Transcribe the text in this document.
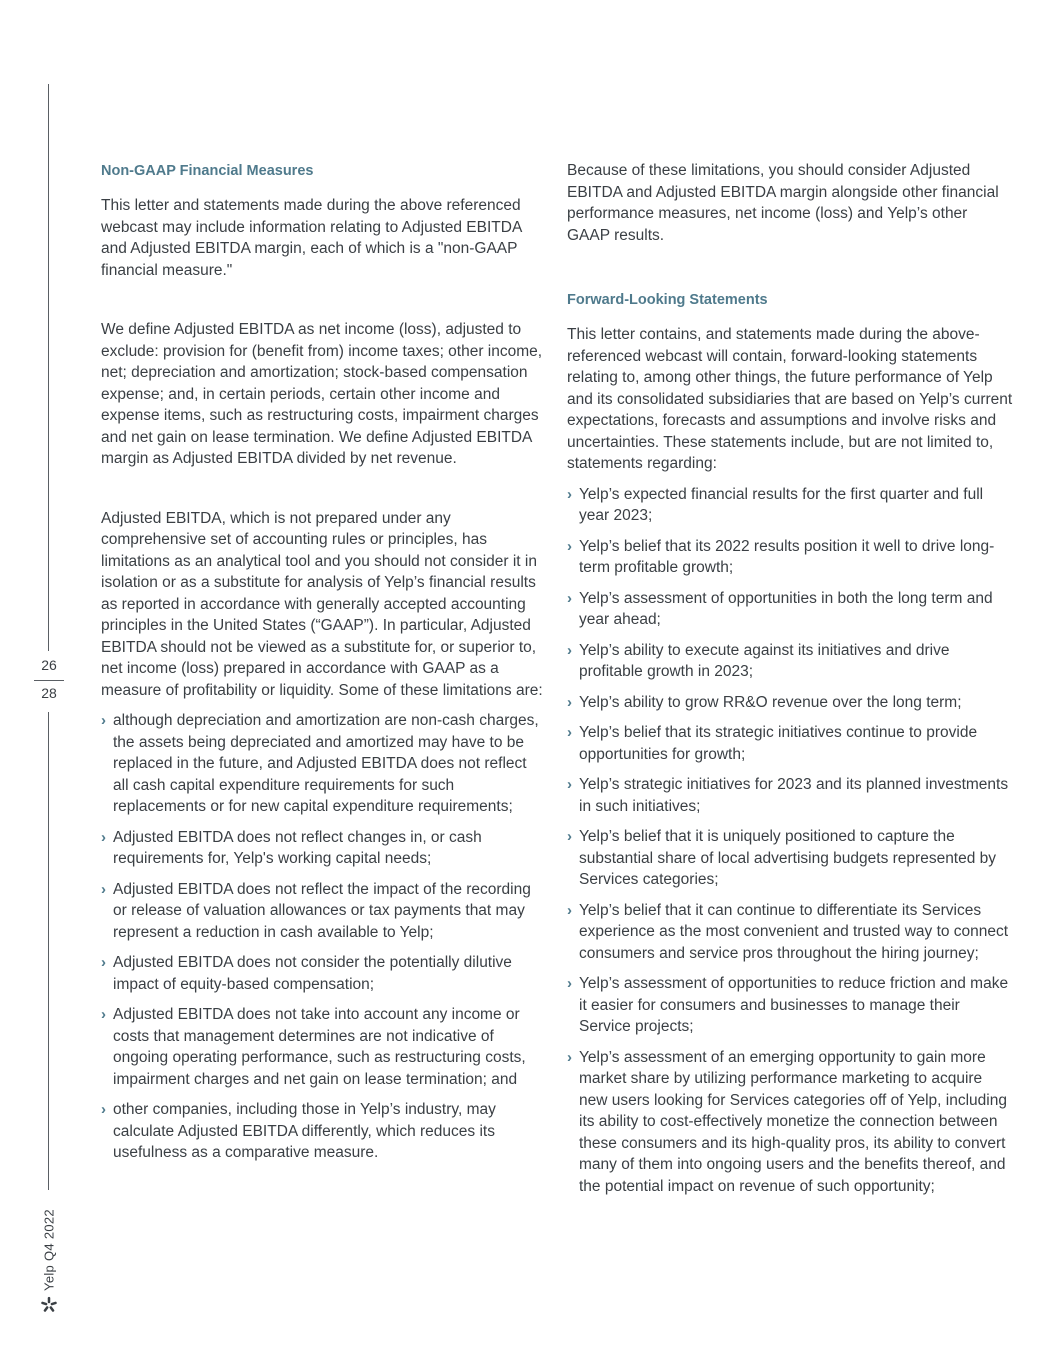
26
28
Yelp Q4 2022
Non-GAAP Financial Measures

This letter and statements made during the above referenced webcast may include information relating to Adjusted EBITDA and Adjusted EBITDA margin, each of which is a "non-GAAP financial measure."

We define Adjusted EBITDA as net income (loss), adjusted to exclude: provision for (benefit from) income taxes; other income, net; depreciation and amortization; stock-based compensation expense; and, in certain periods, certain other income and expense items, such as restructuring costs, impairment charges and net gain on lease termination. We define Adjusted EBITDA margin as Adjusted EBITDA divided by net revenue.

Adjusted EBITDA, which is not prepared under any comprehensive set of accounting rules or principles, has limitations as an analytical tool and you should not consider it in isolation or as a substitute for analysis of Yelp’s financial results as reported in accordance with generally accepted accounting principles in the United States (“GAAP”). In particular, Adjusted EBITDA should not be viewed as a substitute for, or superior to, net income (loss) prepared in accordance with GAAP as a measure of profitability or liquidity. Some of these limitations are:

› although depreciation and amortization are non-cash charges, the assets being depreciated and amortized may have to be replaced in the future, and Adjusted EBITDA does not reflect all cash capital expenditure requirements for such replacements or for new capital expenditure requirements;
› Adjusted EBITDA does not reflect changes in, or cash requirements for, Yelp's working capital needs;
› Adjusted EBITDA does not reflect the impact of the recording or release of valuation allowances or tax payments that may represent a reduction in cash available to Yelp;
› Adjusted EBITDA does not consider the potentially dilutive impact of equity-based compensation;
› Adjusted EBITDA does not take into account any income or costs that management determines are not indicative of ongoing operating performance, such as restructuring costs, impairment charges and net gain on lease termination; and
› other companies, including those in Yelp’s industry, may calculate Adjusted EBITDA differently, which reduces its usefulness as a comparative measure.

Because of these limitations, you should consider Adjusted EBITDA and Adjusted EBITDA margin alongside other financial performance measures, net income (loss) and Yelp’s other GAAP results.

Forward-Looking Statements

This letter contains, and statements made during the above-referenced webcast will contain, forward-looking statements relating to, among other things, the future performance of Yelp and its consolidated subsidiaries that are based on Yelp’s current expectations, forecasts and assumptions and involve risks and uncertainties. These statements include, but are not limited to, statements regarding:

› Yelp’s expected financial results for the first quarter and full year 2023;
› Yelp’s belief that its 2022 results position it well to drive long-term profitable growth;
› Yelp’s assessment of opportunities in both the long term and year ahead;
› Yelp’s ability to execute against its initiatives and drive profitable growth in 2023;
› Yelp’s ability to grow RR&O revenue over the long term;
› Yelp’s belief that its strategic initiatives continue to provide opportunities for growth;
› Yelp’s strategic initiatives for 2023 and its planned investments in such initiatives;
› Yelp’s belief that it is uniquely positioned to capture the substantial share of local advertising budgets represented by Services categories;
› Yelp’s belief that it can continue to differentiate its Services experience as the most convenient and trusted way to connect consumers and service pros throughout the hiring journey;
› Yelp’s assessment of opportunities to reduce friction and make it easier for consumers and businesses to manage their Service projects;
› Yelp’s assessment of an emerging opportunity to gain more market share by utilizing performance marketing to acquire new users looking for Services categories off of Yelp, including its ability to cost-effectively monetize the connection between these consumers and its high-quality pros, its ability to convert many of them into ongoing users and the benefits thereof, and the potential impact on revenue of such opportunity;
